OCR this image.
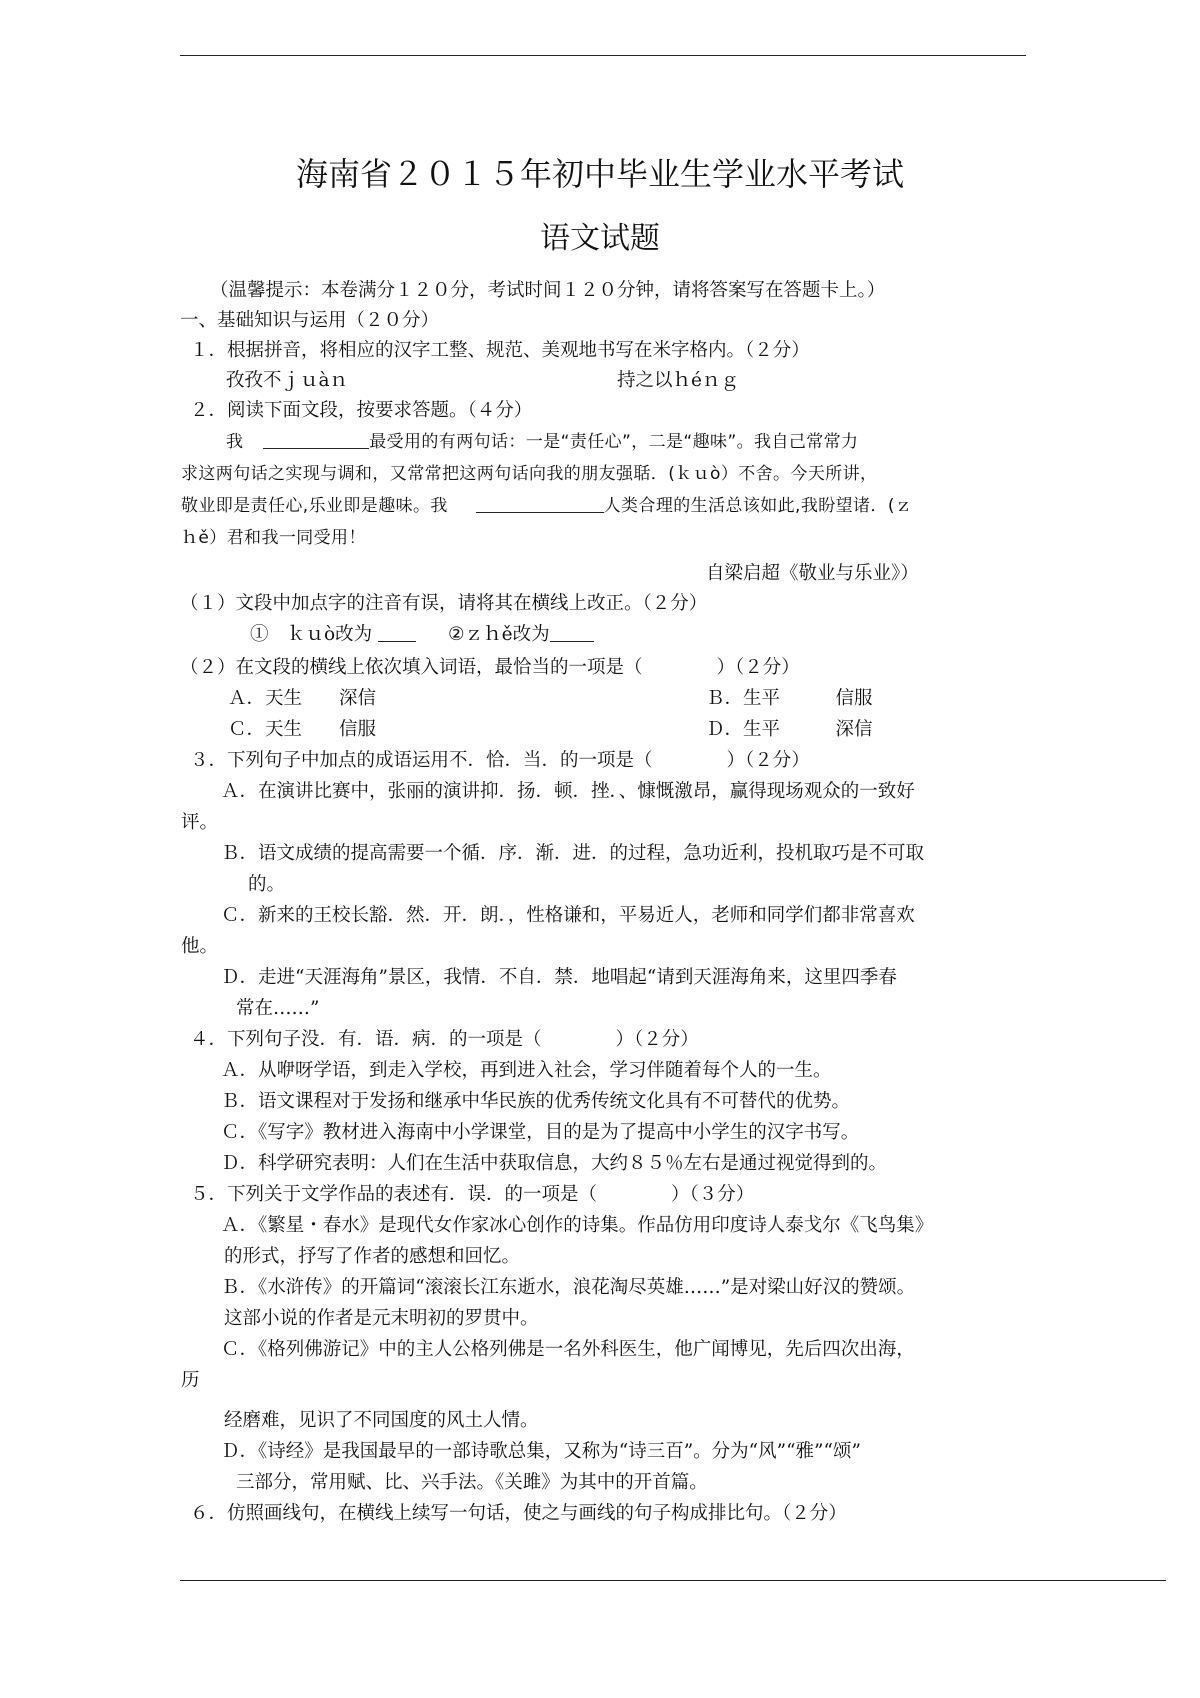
海南省２０１５年初中毕业生学业水平考试
语文试题
（温馨提示：本卷满分１２０分，考试时间１２０分钟，请将答案写在答题卡上。）
一、基础知识与运用（２０分）
１．根据拼音，将相应的汉字工整、规范、美观地书写在米字格内。（２分）
孜孜不ｊｕàｎ	持之以ｈéｎｇ
２．阅读下面文段，按要求答题。（４分）
我	最受用的有两句话：一是“责任心”，二是“趣味”。我自己常常力
求这两句话之实现与调和，又常常把这两句话向我的朋友强聒．(ｋｕò）不舍。今天所讲，
敬业即是责任心,乐业即是趣味。我	人类合理的生活总该如此,我盼望诸．(ｚ
ｈě）君和我一同受用！
自梁启超《敬业与乐业》）
（１）文段中加点字的注音有误，请将其在横线上改正。（２分）
①　ｋｕò改为	②ｚｈě改为
（２）在文段的横线上依次填入词语，最恰当的一项是（　　　　）（２分）
Ａ．天生　　深信	Ｂ．生平　　　信服
Ｃ．天生　　信服	Ｄ．生平　　　深信
３．下列句子中加点的成语运用不．恰．当．的一项是（　　　　）（２分）
Ａ．在演讲比赛中，张丽的演讲抑．扬．顿．挫．、慷慨激昂，赢得现场观众的一致好
评。
Ｂ．语文成绩的提高需要一个循．序．渐．进．的过程，急功近利，投机取巧是不可取
的。
Ｃ．新来的王校长豁．然．开．朗．，性格谦和，平易近人，老师和同学们都非常喜欢
他。
Ｄ．走进“天涯海角”景区，我情．不自．禁．地唱起“请到天涯海角来，这里四季春
常在……”
４．下列句子没．有．语．病．的一项是（　　　　）（２分）
Ａ．从咿呀学语，到走入学校，再到进入社会，学习伴随着每个人的一生。
Ｂ．语文课程对于发扬和继承中华民族的优秀传统文化具有不可替代的优势。
Ｃ．《写字》教材进入海南中小学课堂，目的是为了提高中小学生的汉字书写。
Ｄ．科学研究表明：人们在生活中获取信息，大约８５％左右是通过视觉得到的。
５．下列关于文学作品的表述有．误．的一项是（　　　　）（３分）
Ａ．《繁星・春水》是现代女作家冰心创作的诗集。作品仿用印度诗人泰戈尔《飞鸟集》
的形式，抒写了作者的感想和回忆。
Ｂ．《水浒传》的开篇词“滚滚长江东逝水，浪花淘尽英雄……”是对梁山好汉的赞颂。
这部小说的作者是元末明初的罗贯中。
Ｃ．《格列佛游记》中的主人公格列佛是一名外科医生，他广闻博见，先后四次出海，
历
经磨难，见识了不同国度的风土人情。
Ｄ．《诗经》是我国最早的一部诗歌总集，又称为“诗三百”。分为“风”“雅”“颂”
三部分，常用赋、比、兴手法。《关雎》为其中的开首篇。
６．仿照画线句，在横线上续写一句话，使之与画线的句子构成排比句。（２分）
